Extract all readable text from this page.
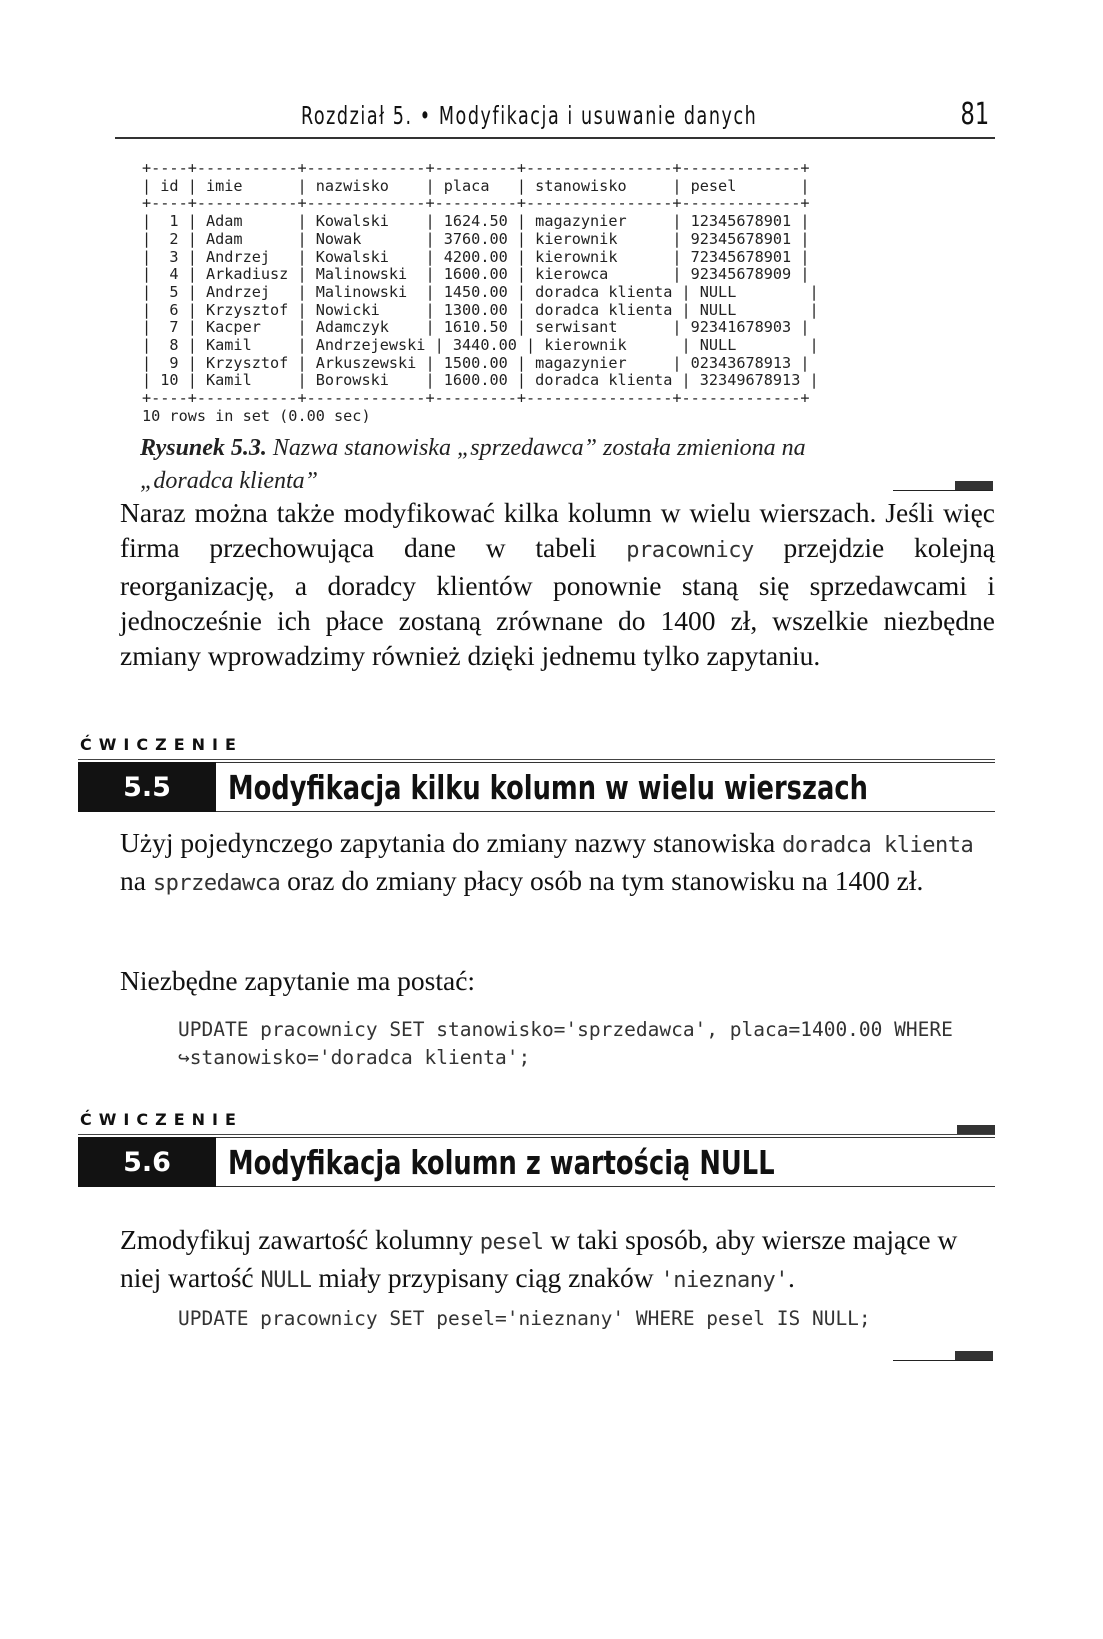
Rozdział 5. • Modyfikacja i usuwanie danych	81
+----+-----------+-------------+---------+----------------+-------------+
| id | imie      | nazwisko    | placa   | stanowisko     | pesel       |
+----+-----------+-------------+---------+----------------+-------------+
|  1 | Adam      | Kowalski    | 1624.50 | magazynier     | 12345678901 |
|  2 | Adam      | Nowak       | 3760.00 | kierownik      | 92345678901 |
|  3 | Andrzej   | Kowalski    | 4200.00 | kierownik      | 72345678901 |
|  4 | Arkadiusz | Malinowski  | 1600.00 | kierowca       | 92345678909 |
|  5 | Andrzej   | Malinowski  | 1450.00 | doradca klienta | NULL        |
|  6 | Krzysztof | Nowicki     | 1300.00 | doradca klienta | NULL        |
|  7 | Kacper    | Adamczyk    | 1610.50 | serwisant      | 92341678903 |
|  8 | Kamil     | Andrzejewski | 3440.00 | kierownik      | NULL        |
|  9 | Krzysztof | Arkuszewski | 1500.00 | magazynier     | 02343678913 |
| 10 | Kamil     | Borowski    | 1600.00 | doradca klienta | 32349678913 |
+----+-----------+-------------+---------+----------------+-------------+
10 rows in set (0.00 sec)
Rysunek 5.3. Nazwa stanowiska „sprzedawca” została zmieniona na „doradca klienta”

Naraz można także modyfikować kilka kolumn w wielu wierszach. Jeśli więc firma przechowująca dane w tabeli pracownicy przejdzie kolejną reorganizację, a doradcy klientów ponownie staną się sprzedawcami i jednocześnie ich płace zostaną zrównane do 1400 zł, wszelkie niezbędne zmiany wprowadzimy również dzięki jednemu tylko zapytaniu.

ĆWICZENIE
5.5 Modyfikacja kilku kolumn w wielu wierszach

Użyj pojedynczego zapytania do zmiany nazwy stanowiska doradca klienta na sprzedawca oraz do zmiany płacy osób na tym stanowisku na 1400 zł.

Niezbędne zapytanie ma postać:

UPDATE pracownicy SET stanowisko='sprzedawca', placa=1400.00 WHERE
↪stanowisko='doradca klienta';
ĆWICZENIE
5.6 Modyfikacja kolumn z wartością NULL

Zmodyfikuj zawartość kolumny pesel w taki sposób, aby wiersze mające w niej wartość NULL miały przypisany ciąg znaków 'nieznany'.

UPDATE pracownicy SET pesel='nieznany' WHERE pesel IS NULL;
